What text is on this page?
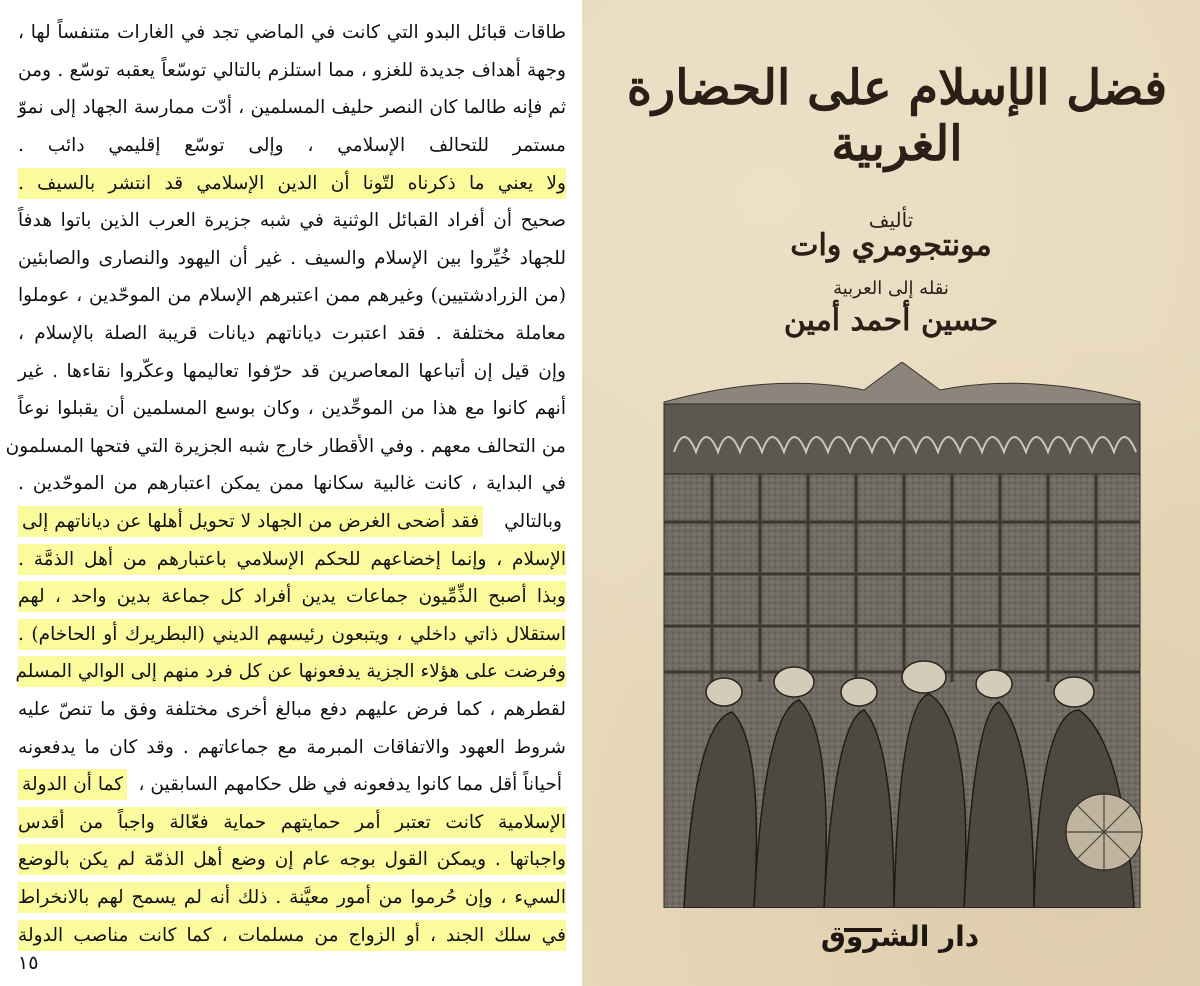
طاقات قبائل البدو التي كانت في الماضي تجد في الغارات متنفساً لها ،
وجهة أهداف جديدة للغزو ، مما استلزم بالتالي توسّعاً يعقبه توسّع . ومن
ثم فإنه طالما كان النصر حليف المسلمين ، أدّت ممارسة الجهاد إلى نموّ
مستمر للتحالف الإسلامي ، وإلى توسّع إقليمي دائب .
ولا يعني ما ذكرناه لتّونا أن الدين الإسلامي قد انتشر بالسيف .
صحيح أن أفراد القبائل الوثنية في شبه جزيرة العرب الذين باتوا هدفاً
للجهاد خُيِّروا بين الإسلام والسيف . غير أن اليهود والنصارى والصابئين
(من الزرادشتيين) وغيرهم ممن اعتبرهم الإسلام من الموحّدين ، عوملوا
معاملة مختلفة . فقد اعتبرت دياناتهم ديانات قريبة الصلة بالإسلام ،
وإن قيل إن أتباعها المعاصرين قد حرّفوا تعاليمها وعكّروا نقاءها . غير
أنهم كانوا مع هذا من الموحِّدين ، وكان بوسع المسلمين أن يقبلوا نوعاً
من التحالف معهم . وفي الأقطار خارج شبه الجزيرة التي فتحها المسلمون
في البداية ، كانت غالبية سكانها ممن يمكن اعتبارهم من الموحّدين .
وبالتالي
فقد أضحى الغرض من الجهاد لا تحويل أهلها عن دياناتهم إلى
الإسلام ، وإنما إخضاعهم للحكم الإسلامي باعتبارهم من أهل الذمَّة .
وبذا أصبح الذِّمِّيون جماعات يدين أفراد كل جماعة بدين واحد ، لهم
استقلال ذاتي داخلي ، ويتبعون رئيسهم الديني (البطريرك أو الحاخام) .
وفرضت على هؤلاء الجزية يدفعونها عن كل فرد منهم إلى الوالي المسلم
لقطرهم ، كما فرض عليهم دفع مبالغ أخرى مختلفة وفق ما تنصّ عليه
شروط العهود والاتفاقات المبرمة مع جماعاتهم . وقد كان ما يدفعونه
أحياناً أقل مما كانوا يدفعونه في ظل حكامهم السابقين ،
كما أن الدولة
الإسلامية كانت تعتبر أمر حمايتهم حماية فعّالة واجباً من أقدس
واجباتها . ويمكن القول بوجه عام إن وضع أهل الذمّة لم يكن بالوضع
السيء ، وإن حُرموا من أمور معيَّنة . ذلك أنه لم يسمح لهم بالانخراط
في سلك الجند ، أو الزواج من مسلمات ، كما كانت مناصب الدولة
١٥
فضل الإسلام على الحضارة الغربية
تأليف
مونتجومري وات
نقله إلى العربية
حسين أحمد أمين
دار الشروق
